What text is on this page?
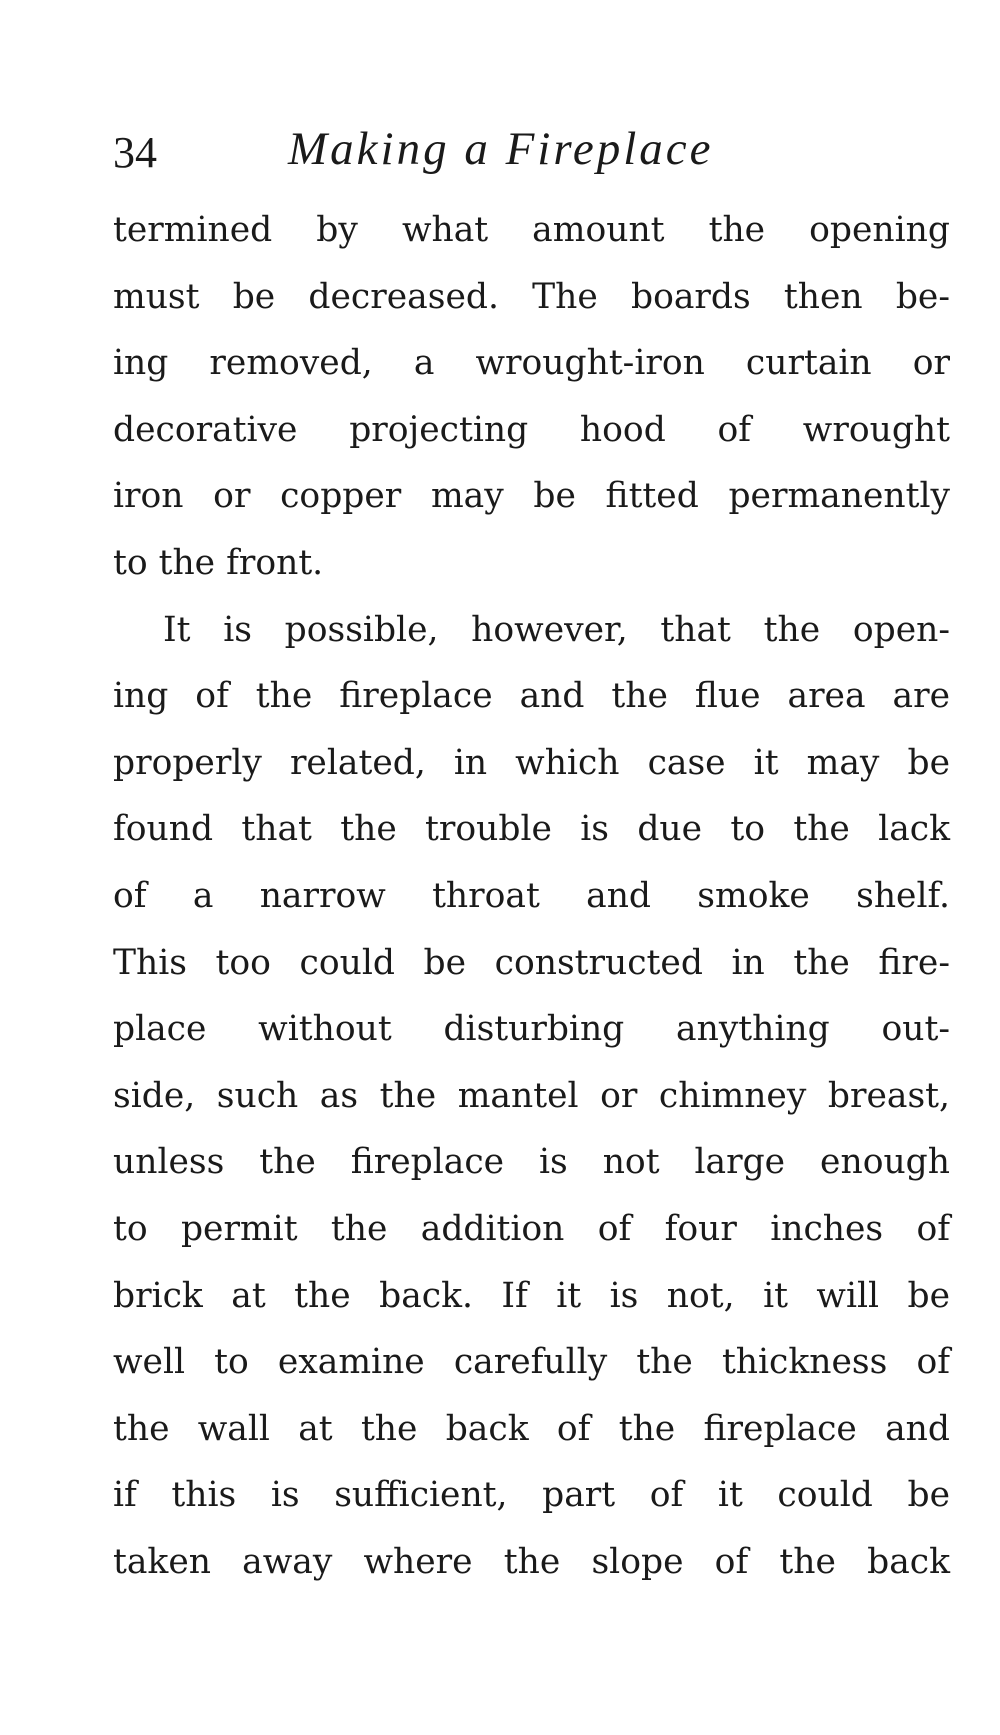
34	Making a Fireplace
termined by what amount the opening
must be decreased. The boards then be-
ing removed, a wrought-iron curtain or
decorative projecting hood of wrought
iron or copper may be fitted permanently
to the front.
It is possible, however, that the open-
ing of the fireplace and the flue area are
properly related, in which case it may be
found that the trouble is due to the lack
of a narrow throat and smoke shelf.
This too could be constructed in the fire-
place without disturbing anything out-
side, such as the mantel or chimney breast,
unless the fireplace is not large enough
to permit the addition of four inches of
brick at the back. If it is not, it will be
well to examine carefully the thickness of
the wall at the back of the fireplace and
if this is sufficient, part of it could be
taken away where the slope of the back
